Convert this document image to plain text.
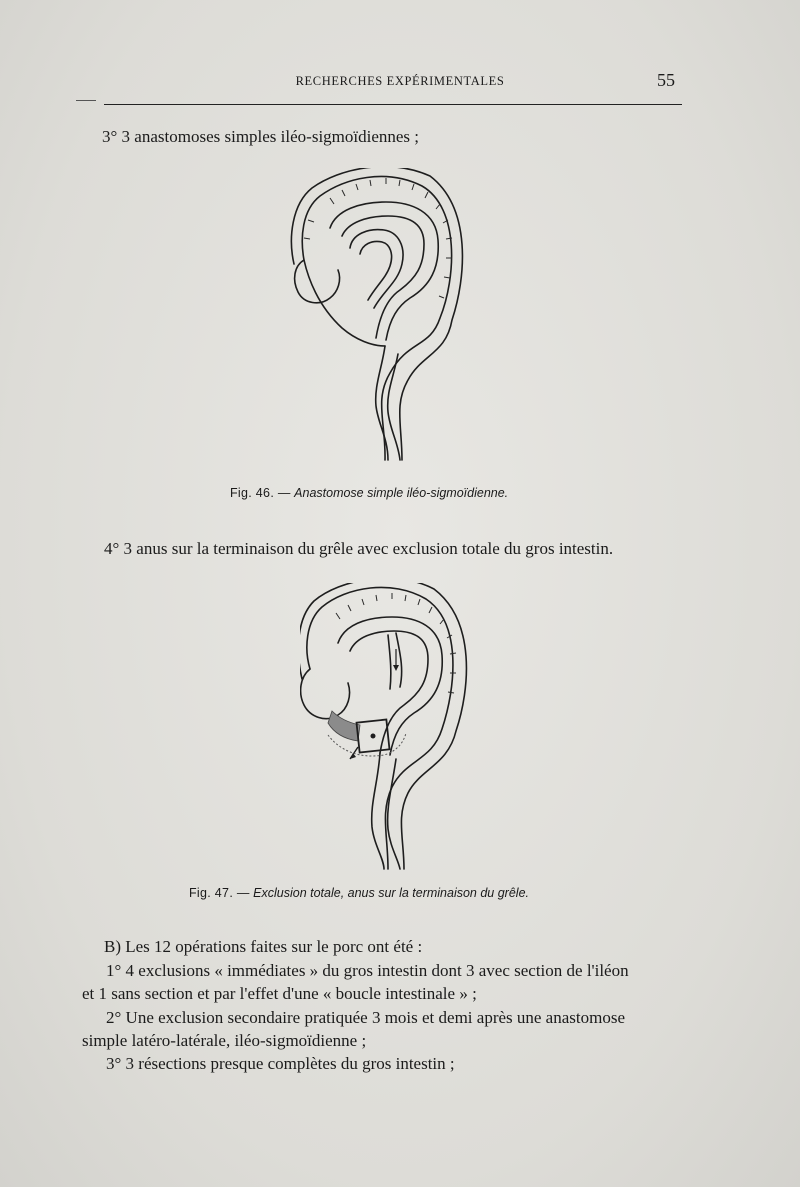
RECHERCHES EXPÉRIMENTALES	55
3° 3 anastomoses simples iléo-sigmoïdiennes ;
Fig. 46. — Anastomose simple iléo-sigmoïdienne.
4° 3 anus sur la terminaison du grêle avec exclusion totale du gros intestin.
Fig. 47. — Exclusion totale, anus sur la terminaison du grêle.
B) Les 12 opérations faites sur le porc ont été :
1° 4 exclusions « immédiates » du gros intestin dont 3 avec section de l'iléon
et 1 sans section et par l'effet d'une « boucle intestinale » ;
2° Une exclusion secondaire pratiquée 3 mois et demi après une anastomose
simple latéro-latérale, iléo-sigmoïdienne ;
3° 3 résections presque complètes du gros intestin ;
